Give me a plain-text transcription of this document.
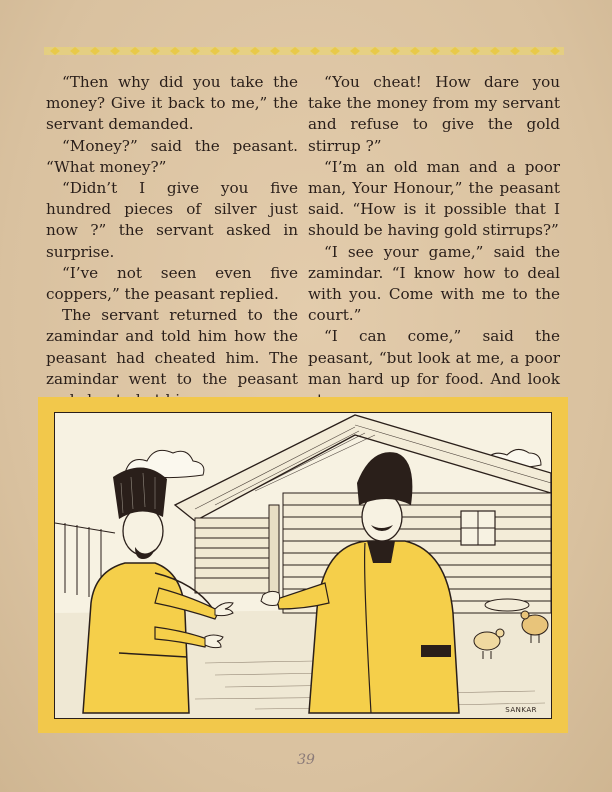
“Then why did you take the money? Give it back to me,” the servant demanded.

“Money?” said the peasant. “What money?”

“Didn’t I give you five hundred pieces of silver just now ?” the servant asked in surprise.

“I’ve not seen even five coppers,” the peasant replied.

The servant returned to the zamindar and told him how the peasant had cheated him. The zamindar went to the peasant

“You cheat! How dare you take the money from my servant and refuse to give the gold stirrup ?”

“I’m an old man and a poor man, Your Honour,” the peasant said. “How is it possible that I should be having gold stirrups?”

“I see your game,” said the zamindar. “I know how to deal with you. Come with me to the court.”

“I can come,” said the peasant, “but look at me, a poor man hard up for food. And look

SANKAR
39
